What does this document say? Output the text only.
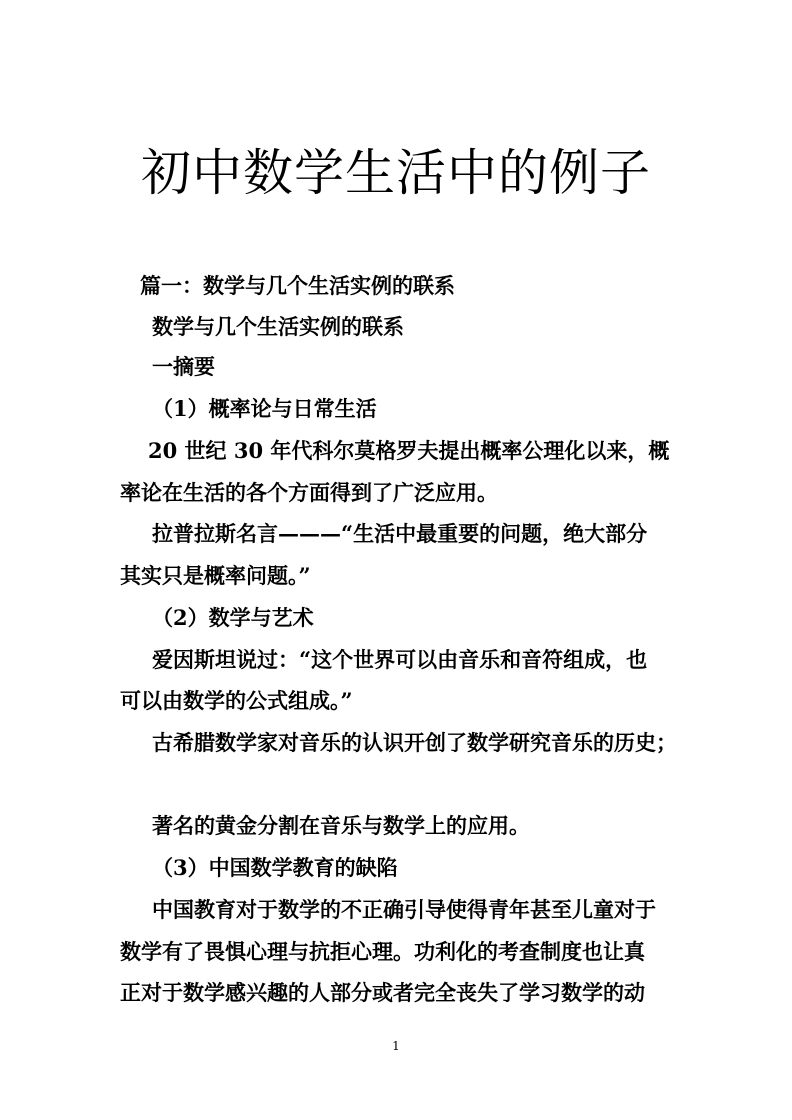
初中数学生活中的例子

篇一：数学与几个生活实例的联系

数学与几个生活实例的联系

一摘要

（1）概率论与日常生活

20 世纪 30 年代科尔莫格罗夫提出概率公理化以来，概

率论在生活的各个方面得到了广泛应用。

拉普拉斯名言———“生活中最重要的问题，绝大部分

其实只是概率问题。”

（2）数学与艺术

爱因斯坦说过：“这个世界可以由音乐和音符组成，也

可以由数学的公式组成。”

古希腊数学家对音乐的认识开创了数学研究音乐的历史；

著名的黄金分割在音乐与数学上的应用。

（3）中国数学教育的缺陷

中国教育对于数学的不正确引导使得青年甚至儿童对于

数学有了畏惧心理与抗拒心理。功利化的考查制度也让真

正对于数学感兴趣的人部分或者完全丧失了学习数学的动

1
